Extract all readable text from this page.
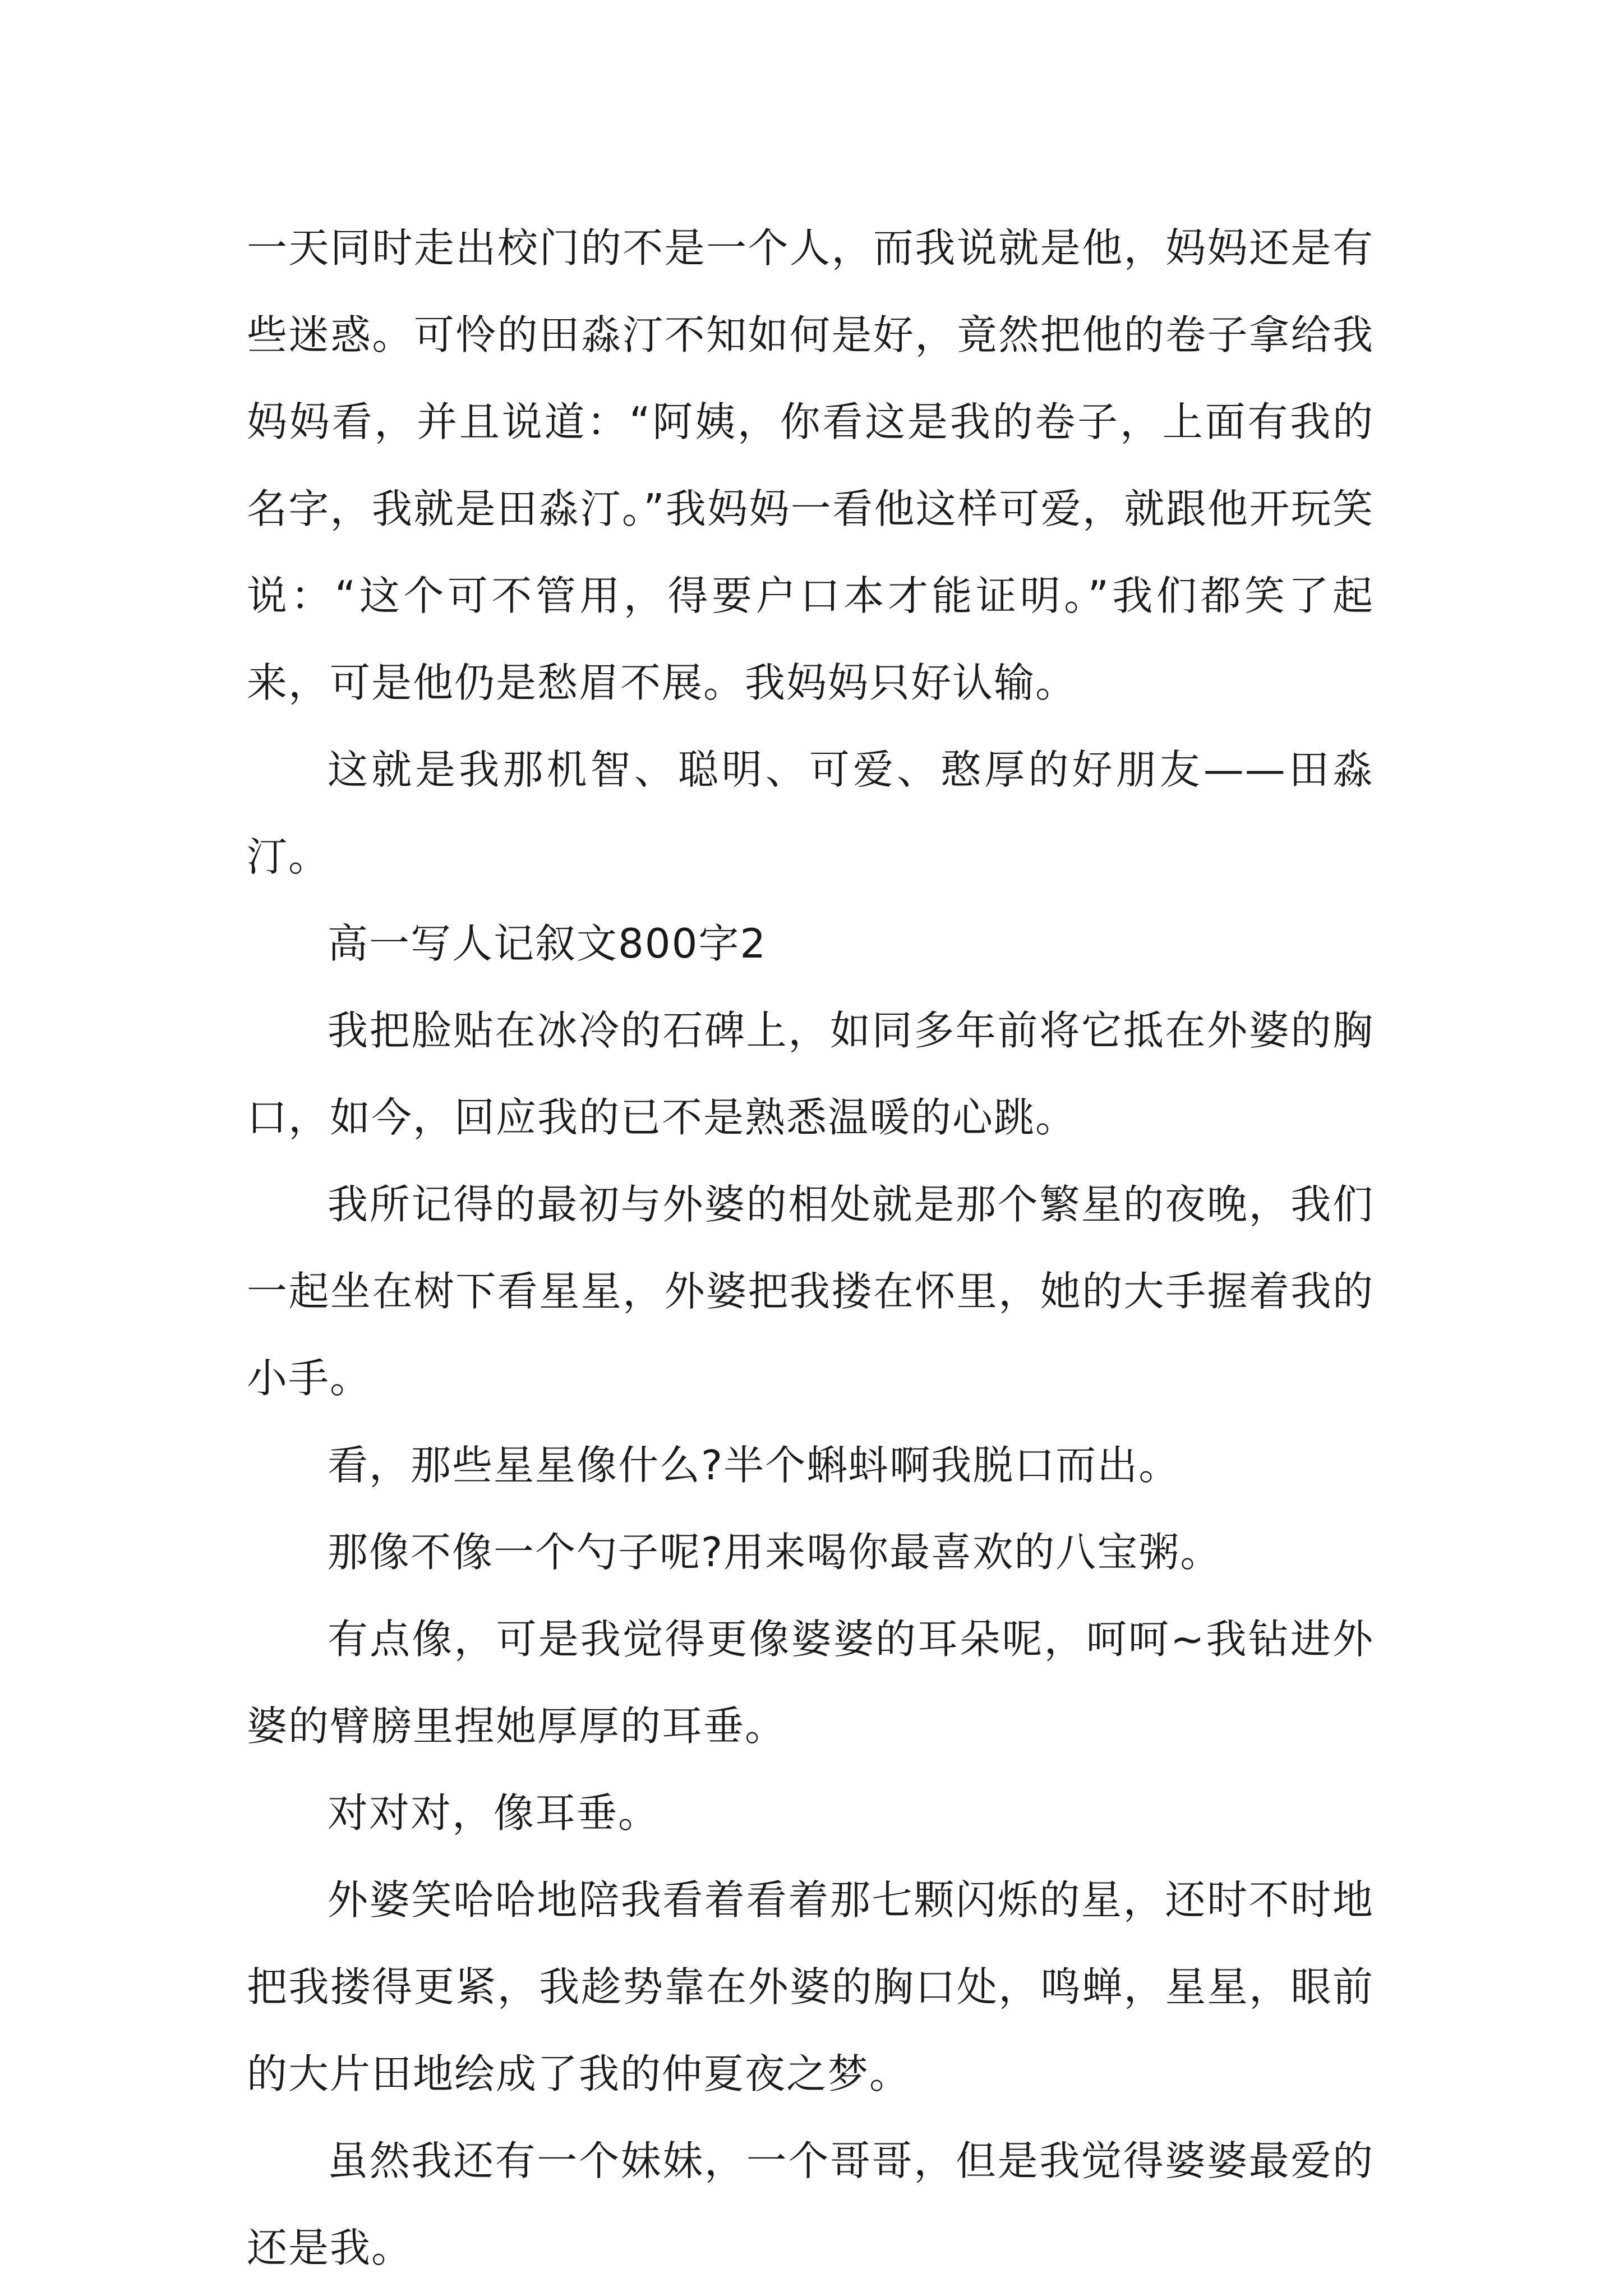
一天同时走出校门的不是一个人，而我说就是他，妈妈还是有些迷惑。可怜的田淼汀不知如何是好，竟然把他的卷子拿给我妈妈看，并且说道：“阿姨，你看这是我的卷子，上面有我的名字，我就是田淼汀。”我妈妈一看他这样可爱，就跟他开玩笑说：“这个可不管用，得要户口本才能证明。”我们都笑了起来，可是他仍是愁眉不展。我妈妈只好认输。

这就是我那机智、聪明、可爱、憨厚的好朋友——田淼汀。

高一写人记叙文800字2

我把脸贴在冰冷的石碑上，如同多年前将它抵在外婆的胸口，如今，回应我的已不是熟悉温暖的心跳。

我所记得的最初与外婆的相处就是那个繁星的夜晚，我们一起坐在树下看星星，外婆把我搂在怀里，她的大手握着我的小手。

看，那些星星像什么?半个蝌蚪啊我脱口而出。

那像不像一个勺子呢?用来喝你最喜欢的八宝粥。

有点像，可是我觉得更像婆婆的耳朵呢，呵呵~我钻进外婆的臂膀里捏她厚厚的耳垂。

对对对，像耳垂。

外婆笑哈哈地陪我看着看着那七颗闪烁的星，还时不时地把我搂得更紧，我趁势靠在外婆的胸口处，鸣蝉，星星，眼前的大片田地绘成了我的仲夏夜之梦。

虽然我还有一个妹妹，一个哥哥，但是我觉得婆婆最爱的还是我。
